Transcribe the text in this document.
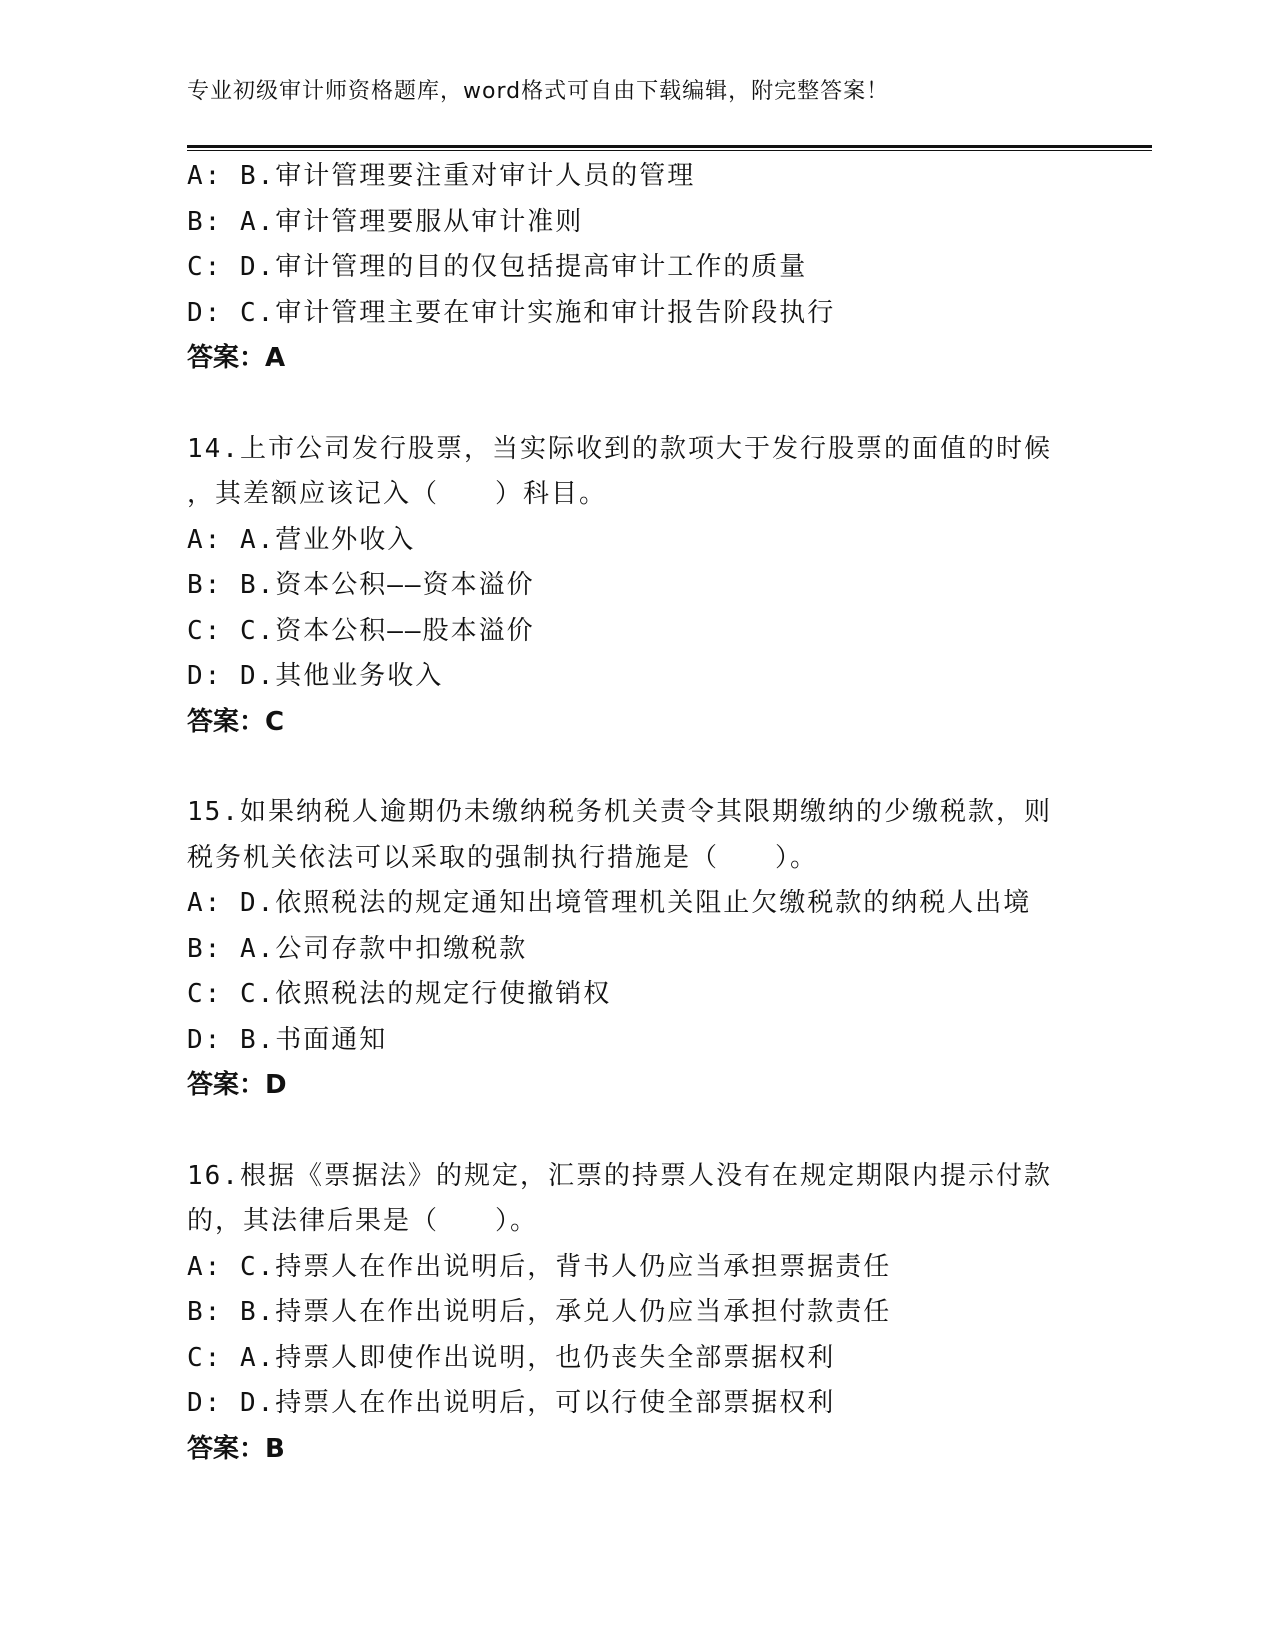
专业初级审计师资格题库，word格式可自由下载编辑，附完整答案！
A: B.审计管理要注重对审计人员的管理
B: A.审计管理要服从审计准则
C: D.审计管理的目的仅包括提高审计工作的质量
D: C.审计管理主要在审计实施和审计报告阶段执行
答案：A
14.上市公司发行股票，当实际收到的款项大于发行股票的面值的时候
，其差额应该记入（　　）科目。
A: A.营业外收入
B: B.资本公积——资本溢价
C: C.资本公积——股本溢价
D: D.其他业务收入
答案：C
15.如果纳税人逾期仍未缴纳税务机关责令其限期缴纳的少缴税款，则
税务机关依法可以采取的强制执行措施是（　　）。
A: D.依照税法的规定通知出境管理机关阻止欠缴税款的纳税人出境
B: A.公司存款中扣缴税款
C: C.依照税法的规定行使撤销权
D: B.书面通知
答案：D
16.根据《票据法》的规定，汇票的持票人没有在规定期限内提示付款
的，其法律后果是（　　）。
A: C.持票人在作出说明后，背书人仍应当承担票据责任
B: B.持票人在作出说明后，承兑人仍应当承担付款责任
C: A.持票人即使作出说明，也仍丧失全部票据权利
D: D.持票人在作出说明后，可以行使全部票据权利
答案：B
